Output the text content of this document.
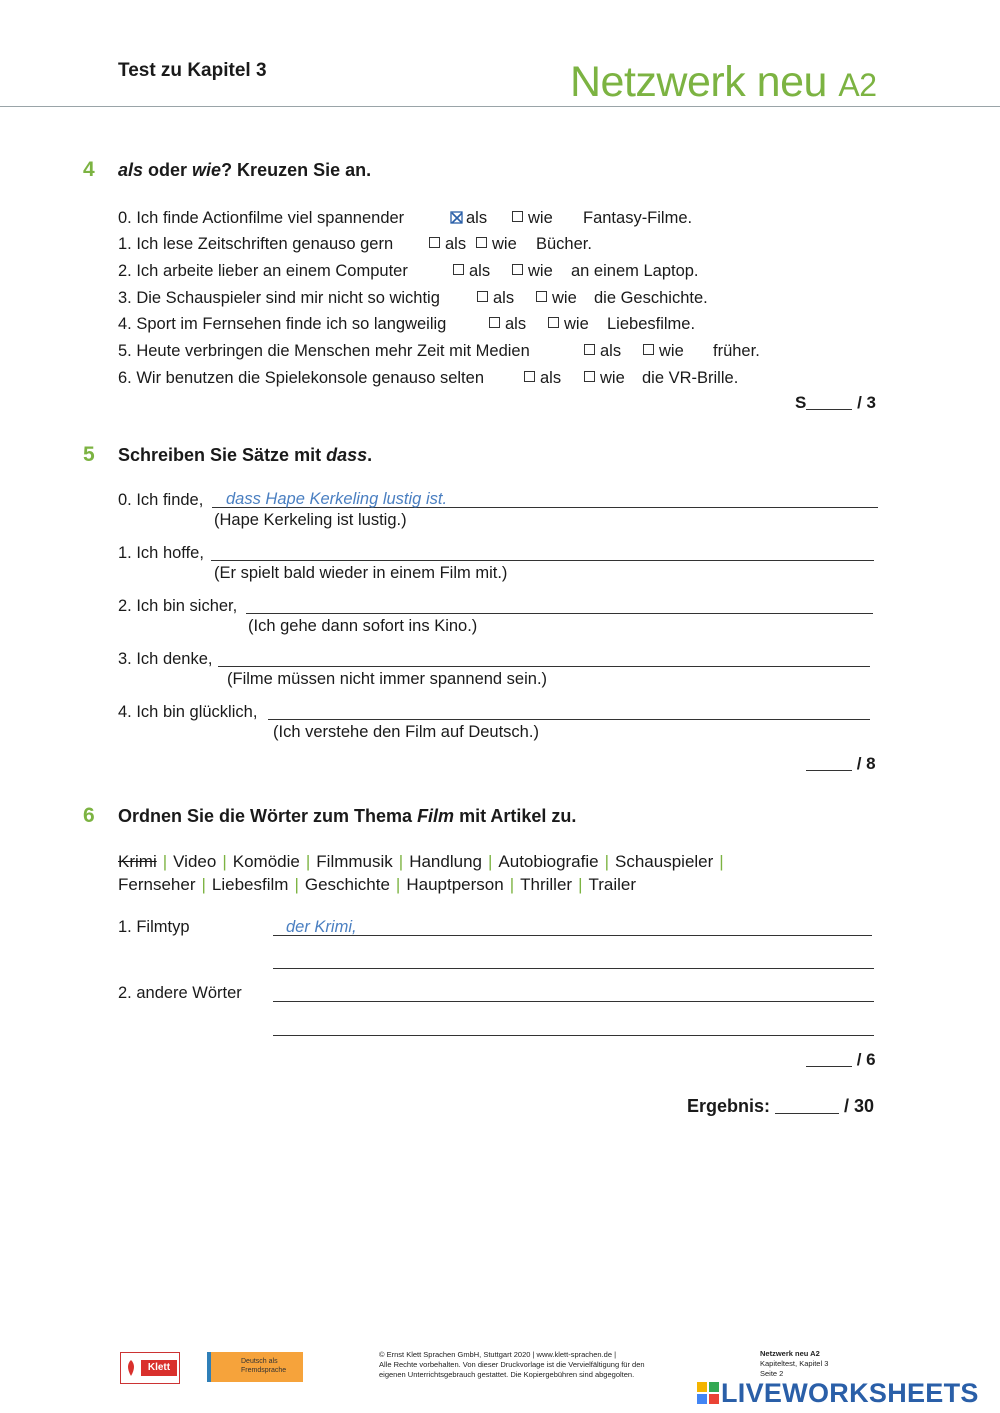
Test zu Kapitel 3	Netzwerk neu A2
4 als oder wie? Kreuzen Sie an.
0. Ich finde Actionfilme viel spannender	als	wie Fantasy-Filme.
1. Ich lese Zeitschriften genauso gern	als	wie Bücher.
2. Ich arbeite lieber an einem Computer	als	wie an einem Laptop.
3. Die Schauspieler sind mir nicht so wichtig	als	wie die Geschichte.
4. Sport im Fernsehen finde ich so langweilig	als	wie Liebesfilme.
5. Heute verbringen die Menschen mehr Zeit mit Medien	als	wie früher.
6. Wir benutzen die Spielekonsole genauso selten	als	wie die VR-Brille.
S	/ 3
5 Schreiben Sie Sätze mit dass.
0. Ich finde, dass Hape Kerkeling lustig ist.
(Hape Kerkeling ist lustig.)
1. Ich hoffe,
(Er spielt bald wieder in einem Film mit.)
2. Ich bin sicher,
(Ich gehe dann sofort ins Kino.)
3. Ich denke,
(Filme müssen nicht immer spannend sein.)
4. Ich bin glücklich,
(Ich verstehe den Film auf Deutsch.)
/ 8
6 Ordnen Sie die Wörter zum Thema Film mit Artikel zu.
Krimi | Video | Komödie | Filmmusik | Handlung | Autobiografie | Schauspieler |
Fernseher | Liebesfilm | Geschichte | Hauptperson | Thriller | Trailer
1. Filmtyp	der Krimi,
2. andere Wörter
/ 6
Ergebnis:	/ 30
Klett
Deutsch als Fremdsprache
© Ernst Klett Sprachen GmbH, Stuttgart 2020 | www.klett-sprachen.de |
Alle Rechte vorbehalten. Von dieser Druckvorlage ist die Vervielfältigung für den
eigenen Unterrichtsgebrauch gestattet. Die Kopiergebühren sind abgegolten.
Netzwerk neu A2
Kapiteltest, Kapitel 3
Seite 2
LIVEWORKSHEETS
